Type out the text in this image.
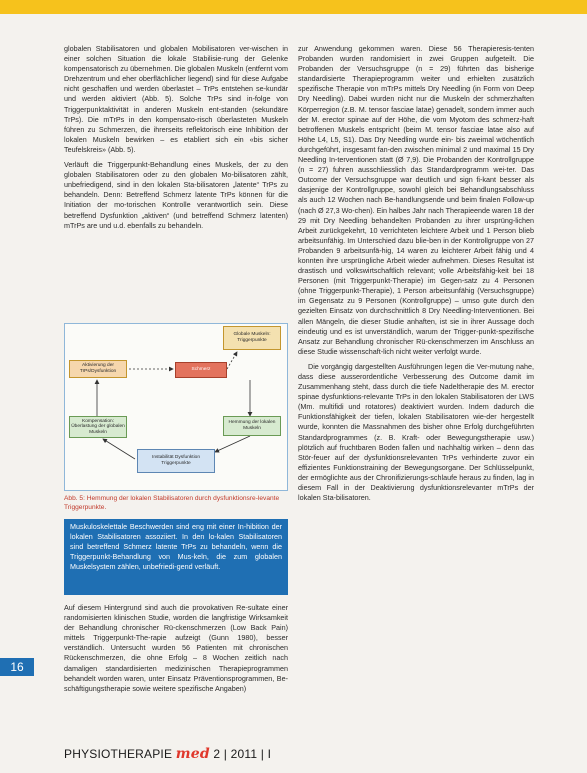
globalen Stabilisatoren und globalen Mobilisatoren ver-wischen in einer solchen Situation die lokale Stabilisie-rung der Gelenke kompensatorisch zu übernehmen. Die globalen Muskeln (entfernt vom Drehzentrum und eher oberflächlicher liegend) sind für diese Aufgabe nicht geschaffen und werden überlastet – TrPs entstehen se-kundär und werden aktiviert (Abb. 5). Solche TrPs sind in-folge von Triggerpunktaktivität in anderen Muskeln ent-standen (sekundäre TrPs). Die mTrPs in den kompensato-risch überlasteten Muskeln führen zu Schmerzen, die ihrerseits reflektorisch eine Inhibition der lokalen Muskeln bewirken – es etabliert sich ein «bis sicher Teufelskreis» (Abb. 5).

Verläuft die Triggerpunkt-Behandlung eines Muskels, der zu den globalen Stabilisatoren oder zu den globalen Mo-bilisatoren zählt, unbefriedigend, sind in den lokalen Sta-bilisatoren „latente“ TrPs zu behandeln. Denn: Betreffend Schmerz latente TrPs können für die Initiation der mo-torischen Kontrolle verantwortlich sein. Diese betreffend Dysfunktion „aktiven“ (und betreffend Schmerz latenten) mTrPs are und u.d. ebenfalls zu behandeln.

Globale Muskeln: Triggerpunkte
Aktivierung der TrPs/Dysfunktion	Schmerz
Kompensation: Überlastung der globalen Muskeln
Hemmung der lokalen Muskeln
Instabilität Dysfunktion Triggerpunkte
Abb. 5: Hemmung der lokalen Stabilisatoren durch dysfunktionsre-levante Triggerpunkte.
Muskuloskelettale Beschwerden sind eng mit einer In-hibition der lokalen Stabilisatoren assoziiert. In den lo-kalen Stabilisatoren sind betreffend Schmerz latente TrPs zu behandeln, wenn die Triggerpunkt-Behandlung von Mus-keln, die zum globalen Muskelsystem zählen, unbefriedi-gend verläuft.
Auf diesem Hintergrund sind auch die provokativen Re-sultate einer randomisierten klinischen Studie, worden die langfristige Wirksamkeit der Behandlung chronischer Rü-ckenschmerzen (Low Back Pain) mittels Triggerpunkt-The-rapie aufzeigt (Gunn 1980), besser verständlich. Untersucht wurden 56 Patienten mit chronischen Rückenschmerzen, die ohne Erfolg – 8 Wochen zeitlich nach damaligen standardisierten medizinischen Therapieprogrammen behandelt worden waren, unter Einsatz Präventionsprogrammen, Be-schäftigungstherapie sowie weitere spezifische Angaben)

zur Anwendung gekommen waren. Diese 56 Therapieresis-tenten Probanden wurden randomisiert in zwei Gruppen aufgeteilt. Die Probanden der Versuchsgruppe (n = 29) führten das bisherige standardisierte Therapieprogramm weiter und erhielten zusätzlich spezifische Therapie von mTrPs mittels Dry Needling (in Form von Deep Dry Needling). Dabei wurden nicht nur die Muskeln der schmerzhaften Körperregion (z.B. M. tensor fasciae latae) genadelt, sondern immer auch der M. erector spinae auf der Höhe, die vom Myotom des schmerz-haft betroffenen Muskels entspricht (beim M. tensor fasciae latae also auf Höhe L4, L5, S1). Das Dry Needling wurde ein- bis zweimal wöchentlich durchgeführt, insgesamt fan-den zwischen minimal 2 und maximal 15 Dry Needling In-terventionen statt (Ø 7,9). Die Probanden der Kontrollgruppe (n = 27) fuhren ausschliesslich das Standardprogramm wei-ter. Das Outcome der Versuchsgruppe war deutlich und sign fi-kant besser als dasjenige der Kontrollgruppe, sowohl gleich bei Behandlungsabschluss als auch 12 Wochen nach Be-handlungsende und beim finalen Follow-up (nach Ø 27,3 Wo-chen). Ein halbes Jahr nach Therapieende waren 18 der 29 mit Dry Needling behandelten Probanden zu ihrer ursprüng-lichen Arbeit zurückgekehrt, 10 verrichteten leichtere Arbeit und 1 Person blieb arbeitsunfähig. Im Unterschied dazu blie-ben in der Kontrollgruppe von 27 Probanden 9 arbeitsunfä-hig, 14 waren zu leichterer Arbeit fähig und 4 konnten ihre ursprüngliche Arbeit wieder aufnehmen. Dieses Resultat ist drastisch und volkswirtschaftlich relevant; volle Arbeitsfähig-keit bei 18 Personen (mit Triggerpunkt-Therapie) im Gegen-satz zu 4 Personen (ohne Triggerpunkt-Therapie), 1 Person arbeitsunfähig (Versuchsgruppe) im Gegensatz zu 9 Personen (Kontrollgruppe) – umso gute durch den gezielten Einsatz von durchschnittlich 8 Dry Needling-Interventionen. Bei allen Mängeln, die dieser Studie anhaften, ist sie in ihrer Aussage doch eindeutig und es ist unverständlich, warum der Trigger-punkt-spezifische Ansatz zur Behandlung chronischer Rü-ckenschmerzen im Anschluss an diese Studie wissenschaft-lich nicht weiter verfolgt wurde.

Die vorgängig dargestellten Ausführungen legen die Ver-mutung nahe, dass diese ausserordentliche Verbesserung des Outcome damit im Zusammenhang steht, dass durch die tiefe Nadeltherapie des M. erector spinae dysfunktions-relevante TrPs in den lokalen Stabilisatoren der LWS (Mm. multifidi und rotatores) deaktiviert wurden. Indem dadurch die Funktionsfähigkeit der tiefen, lokalen Stabilisatoren wie-der hergestellt wurde, konnten die Massnahmen des bisher ohne Erfolg durchgeführten Standardprogrammes (z. B. Kraft- oder Bewegungstherapie usw.) plötzlich auf fruchtbaren Boden fallen und nachhaltig wirken – denn das Stör-feuer auf der dysfunktionsrelevanten TrPs verhinderte zuvor ein effizientes Funktionstraining der Bewegungsorgane. Der Schlüsselpunkt, der ermöglichte aus der Chronifizierungs-schlaufe heraus zu finden, lag in diesem Fall in der Deaktivierung dysfunktionsrelevanter mTrPs der lokalen Sta-bilisatoren.

16
PHYSIOTHERAPIE med 2 | 2011 | I
